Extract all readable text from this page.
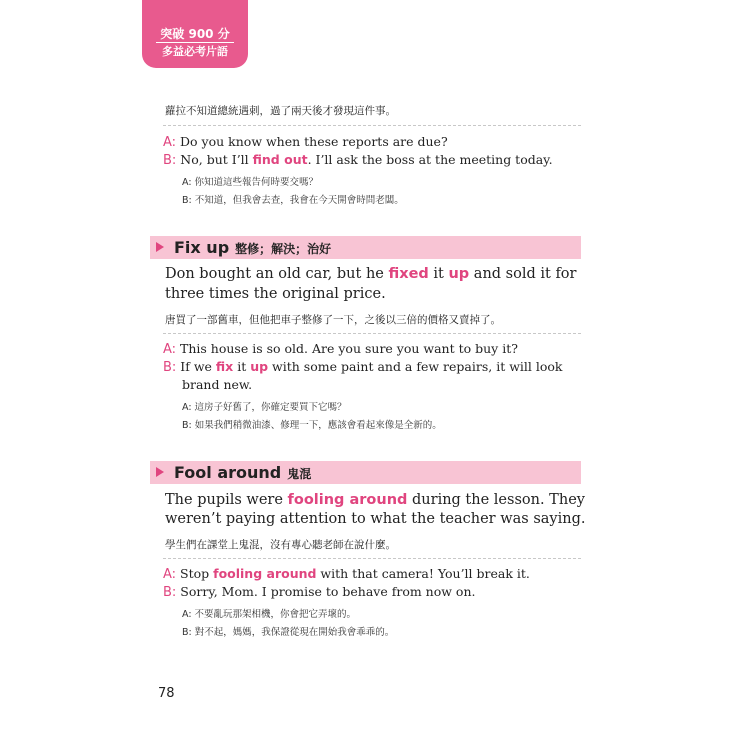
突破 900 分
多益必考片語
蘿拉不知道總統遇刺，過了兩天後才發現這件事。
A: Do you know when these reports are due?
B: No, but I’ll find out. I’ll ask the boss at the meeting today.
A: 你知道這些報告何時要交嗎？
B: 不知道，但我會去查，我會在今天開會時問老闆。
Fix up 整修；解決；治好
Don bought an old car, but he fixed it up and sold it for
three times the original price.
唐買了一部舊車，但他把車子整修了一下，之後以三倍的價格又賣掉了。
A: This house is so old. Are you sure you want to buy it?
B: If we fix it up with some paint and a few repairs, it will look
brand new.
A: 這房子好舊了，你確定要買下它嗎？
B: 如果我們稍微油漆、修理一下，應該會看起來像是全新的。
Fool around 鬼混
The pupils were fooling around during the lesson. They
weren’t paying attention to what the teacher was saying.
學生們在課堂上鬼混，沒有專心聽老師在說什麼。
A: Stop fooling around with that camera! You’ll break it.
B: Sorry, Mom. I promise to behave from now on.
A: 不要亂玩那架相機，你會把它弄壞的。
B: 對不起，媽媽，我保證從現在開始我會乖乖的。
78
